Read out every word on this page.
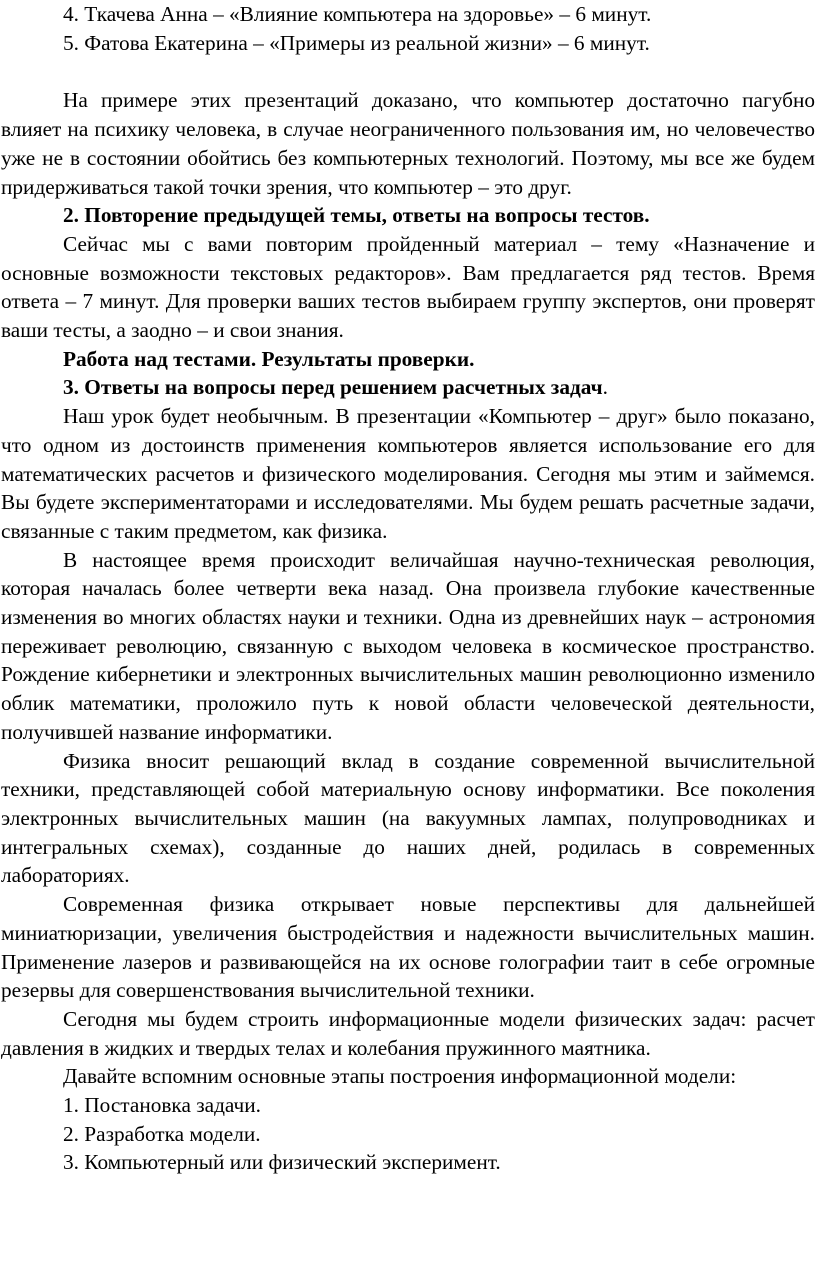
4. Ткачева Анна – «Влияние компьютера на здоровье» – 6 минут.

5. Фатова Екатерина – «Примеры из реальной жизни» – 6 минут.

На примере этих презентаций доказано, что компьютер достаточно пагубно влияет на психику человека, в случае неограниченного пользования им, но человечество уже не в состоянии обойтись без компьютерных технологий. Поэтому, мы все же будем придерживаться такой точки зрения, что компьютер – это друг.

2. Повторение предыдущей темы, ответы на вопросы тестов.

Сейчас мы с вами повторим пройденный материал – тему «Назначение и основные возможности текстовых редакторов». Вам предлагается ряд тестов. Время ответа – 7 минут. Для проверки ваших тестов выбираем группу экспертов, они проверят ваши тесты, а заодно – и свои знания.

Работа над тестами. Результаты проверки.

3. Ответы на вопросы перед решением расчетных задач.

Наш урок будет необычным. В презентации «Компьютер – друг» было показано, что одном из достоинств применения компьютеров является использование его для математических расчетов и физического моделирования. Сегодня мы этим и займемся. Вы будете экспериментаторами и исследователями. Мы будем решать расчетные задачи, связанные с таким предметом, как физика.

В настоящее время происходит величайшая научно-техническая революция, которая началась более четверти века назад. Она произвела глубокие качественные изменения во многих областях науки и техники. Одна из древнейших наук – астрономия переживает революцию, связанную с выходом человека в космическое пространство. Рождение кибернетики и электронных вычислительных машин революционно изменило облик математики, проложило путь к новой области человеческой деятельности, получившей название информатики.

Физика вносит решающий вклад в создание современной вычислительной техники, представляющей собой материальную основу информатики. Все поколения электронных вычислительных машин (на вакуумных лампах, полупроводниках и интегральных схемах), созданные до наших дней, родилась в современных лабораториях.

Современная физика открывает новые перспективы для дальнейшей миниатюризации, увеличения быстродействия и надежности вычислительных машин. Применение лазеров и развивающейся на их основе голографии таит в себе огромные резервы для совершенствования вычислительной техники.

Сегодня мы будем строить информационные модели физических задач: расчет давления в жидких и твердых телах и колебания пружинного маятника.

Давайте вспомним основные этапы построения информационной модели:

1. Постановка задачи.

2. Разработка модели.

3. Компьютерный или физический эксперимент.
